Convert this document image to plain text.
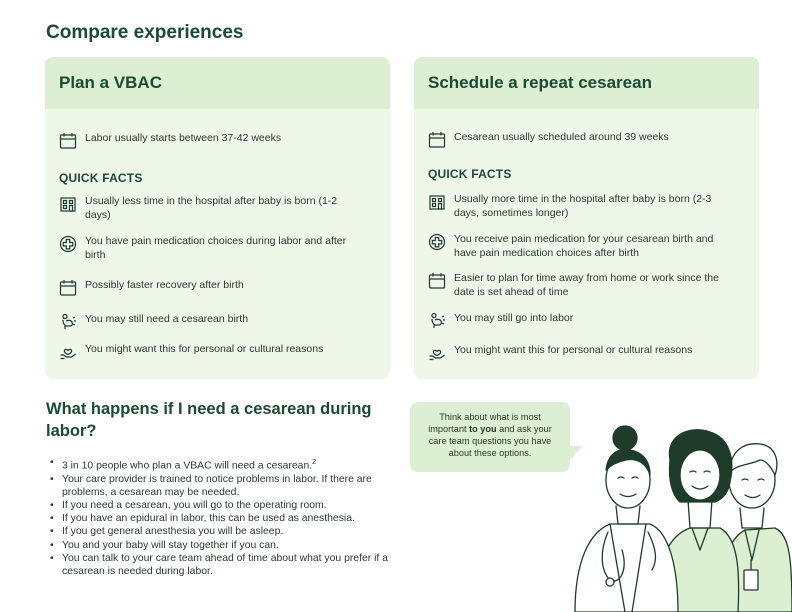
Compare experiences
Plan a VBAC
Labor usually starts between 37-42 weeks
QUICK FACTS
Usually less time in the hospital after baby is born (1-2 days)
You have pain medication choices during labor and after birth
Possibly faster recovery after birth
You may still need a cesarean birth
You might want this for personal or cultural reasons
Schedule a repeat cesarean
Cesarean usually scheduled around 39 weeks
QUICK FACTS
Usually more time in the hospital after baby is born (2-3 days, sometimes longer)
You receive pain medication for your cesarean birth and have pain medication choices after birth
Easier to plan for time away from home or work since the date is set ahead of time
You may still go into labor
You might want this for personal or cultural reasons
What happens if I need a cesarean during labor?
• 3 in 10 people who plan a VBAC will need a cesarean.$^2$
• Your care provider is trained to notice problems in labor. If there are problems, a cesarean may be needed.
• If you need a cesarean, you will go to the operating room.
• If you have an epidural in labor, this can be used as anesthesia.
• If you get general anesthesia you will be asleep.
• You and your baby will stay together if you can.
• You can talk to your care team ahead of time about what you prefer if a cesarean is needed during labor.
Think about what is most important to you and ask your care team questions you have about these options.
